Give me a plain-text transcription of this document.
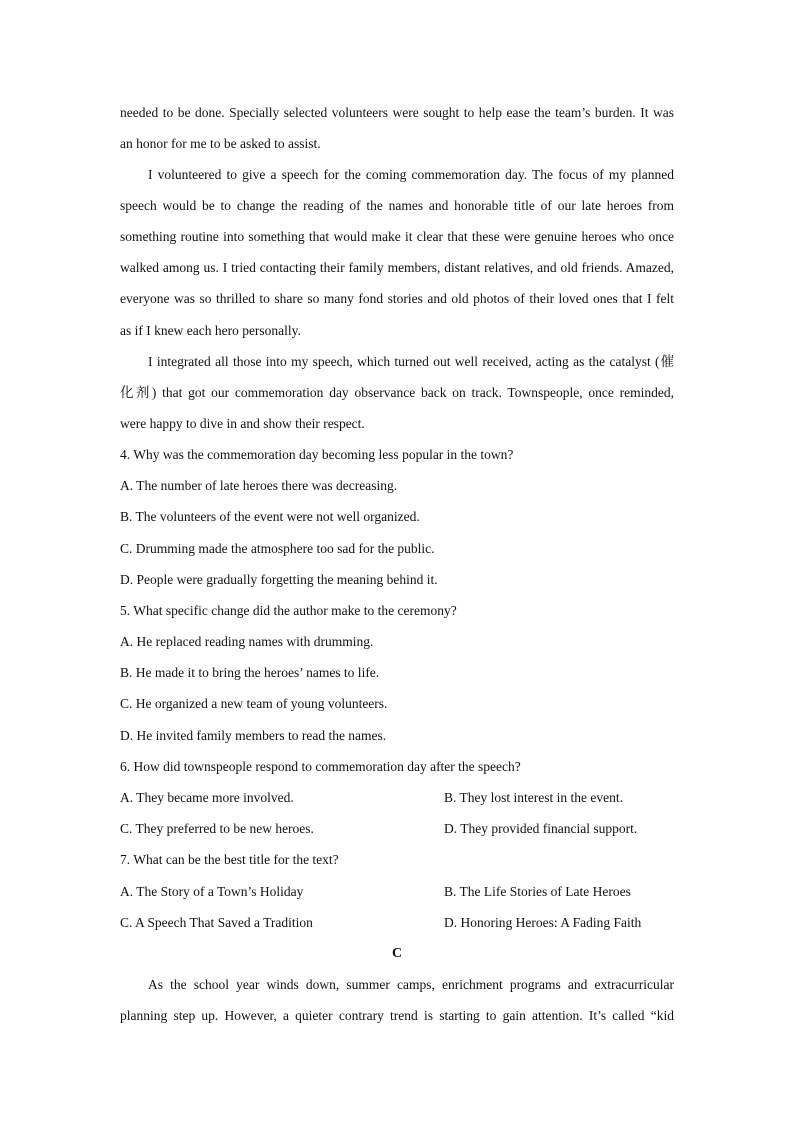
needed to be done. Specially selected volunteers were sought to help ease the team’s burden. It was
an honor for me to be asked to assist.
I volunteered to give a speech for the coming commemoration day. The focus of my planned
speech would be to change the reading of the names and honorable title of our late heroes from
something routine into something that would make it clear that these were genuine heroes who once
walked among us. I tried contacting their family members, distant relatives, and old friends. Amazed,
everyone was so thrilled to share so many fond stories and old photos of their loved ones that I felt
as if I knew each hero personally.
I integrated all those into my speech, which turned out well received, acting as the catalyst (催
化剂) that got our commemoration day observance back on track. Townspeople, once reminded,
were happy to dive in and show their respect.
4. Why was the commemoration day becoming less popular in the town?
A. The number of late heroes there was decreasing.
B. The volunteers of the event were not well organized.
C. Drumming made the atmosphere too sad for the public.
D. People were gradually forgetting the meaning behind it.
5. What specific change did the author make to the ceremony?
A. He replaced reading names with drumming.
B. He made it to bring the heroes’ names to life.
C. He organized a new team of young volunteers.
D. He invited family members to read the names.
6. How did townspeople respond to commemoration day after the speech?
A. They became more involved.	B. They lost interest in the event.
C. They preferred to be new heroes.	D. They provided financial support.
7. What can be the best title for the text?
A. The Story of a Town’s Holiday	B. The Life Stories of Late Heroes
C. A Speech That Saved a Tradition	D. Honoring Heroes: A Fading Faith
C
As the school year winds down, summer camps, enrichment programs and extracurricular
planning step up. However, a quieter contrary trend is starting to gain attention. It’s called “kid
